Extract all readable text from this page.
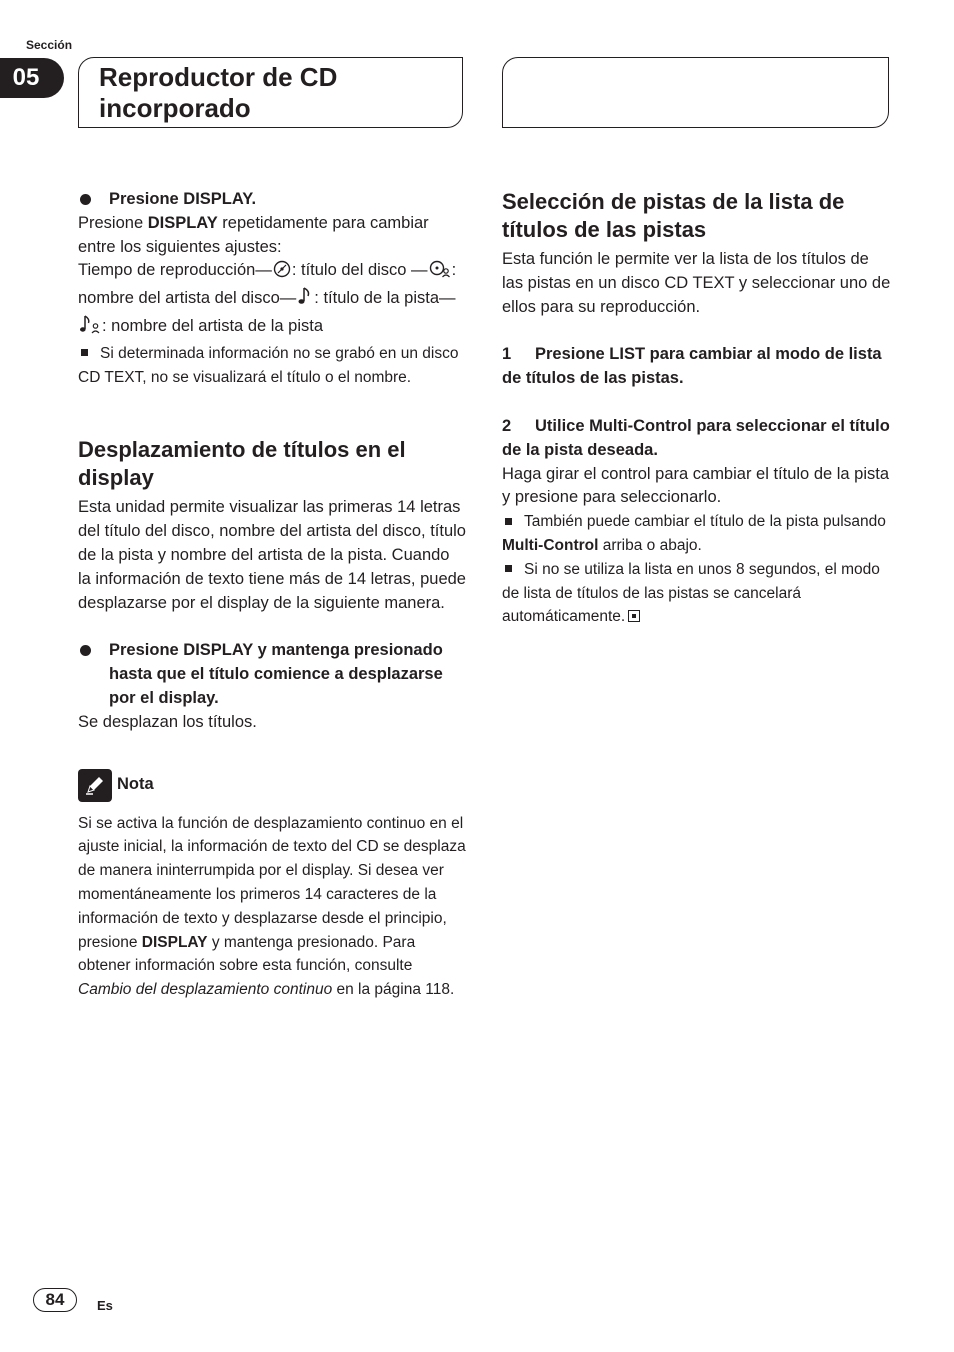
Sección
05	Reproductor de CD incorporado

Presione DISPLAY.

Presione DISPLAY repetidamente para cambiar entre los siguientes ajustes:

Tiempo de reproducción— : título del disco — : nombre del artista del disco— : título de la pista—: nombre del artista de la pista

Si determinada información no se grabó en un disco CD TEXT, no se visualizará el título o el nombre.

Desplazamiento de títulos en el display

Esta unidad permite visualizar las primeras 14 letras del título del disco, nombre del artista del disco, título de la pista y nombre del artista de la pista. Cuando la información de texto tiene más de 14 letras, puede desplazarse por el display de la siguiente manera.

Presione DISPLAY y mantenga presionado hasta que el título comience a desplazarse por el display.

Se desplazan los títulos.

Nota

Si se activa la función de desplazamiento continuo en el ajuste inicial, la información de texto del CD se desplaza de manera ininterrumpida por el display. Si desea ver momentáneamente los primeros 14 caracteres de la información de texto y desplazarse desde el principio, presione DISPLAY y mantenga presionado. Para obtener información sobre esta función, consulte Cambio del desplazamiento continuo en la página 118.

Selección de pistas de la lista de títulos de las pistas

Esta función le permite ver la lista de los títulos de las pistas en un disco CD TEXT y seleccionar uno de ellos para su reproducción.

1 Presione LIST para cambiar al modo de lista de títulos de las pistas.

2 Utilice Multi-Control para seleccionar el título de la pista deseada.

Haga girar el control para cambiar el título de la pista y presione para seleccionarlo.

También puede cambiar el título de la pista pulsando Multi-Control arriba o abajo.

Si no se utiliza la lista en unos 8 segundos, el modo de lista de títulos de las pistas se cancelará automáticamente.

84	Es
